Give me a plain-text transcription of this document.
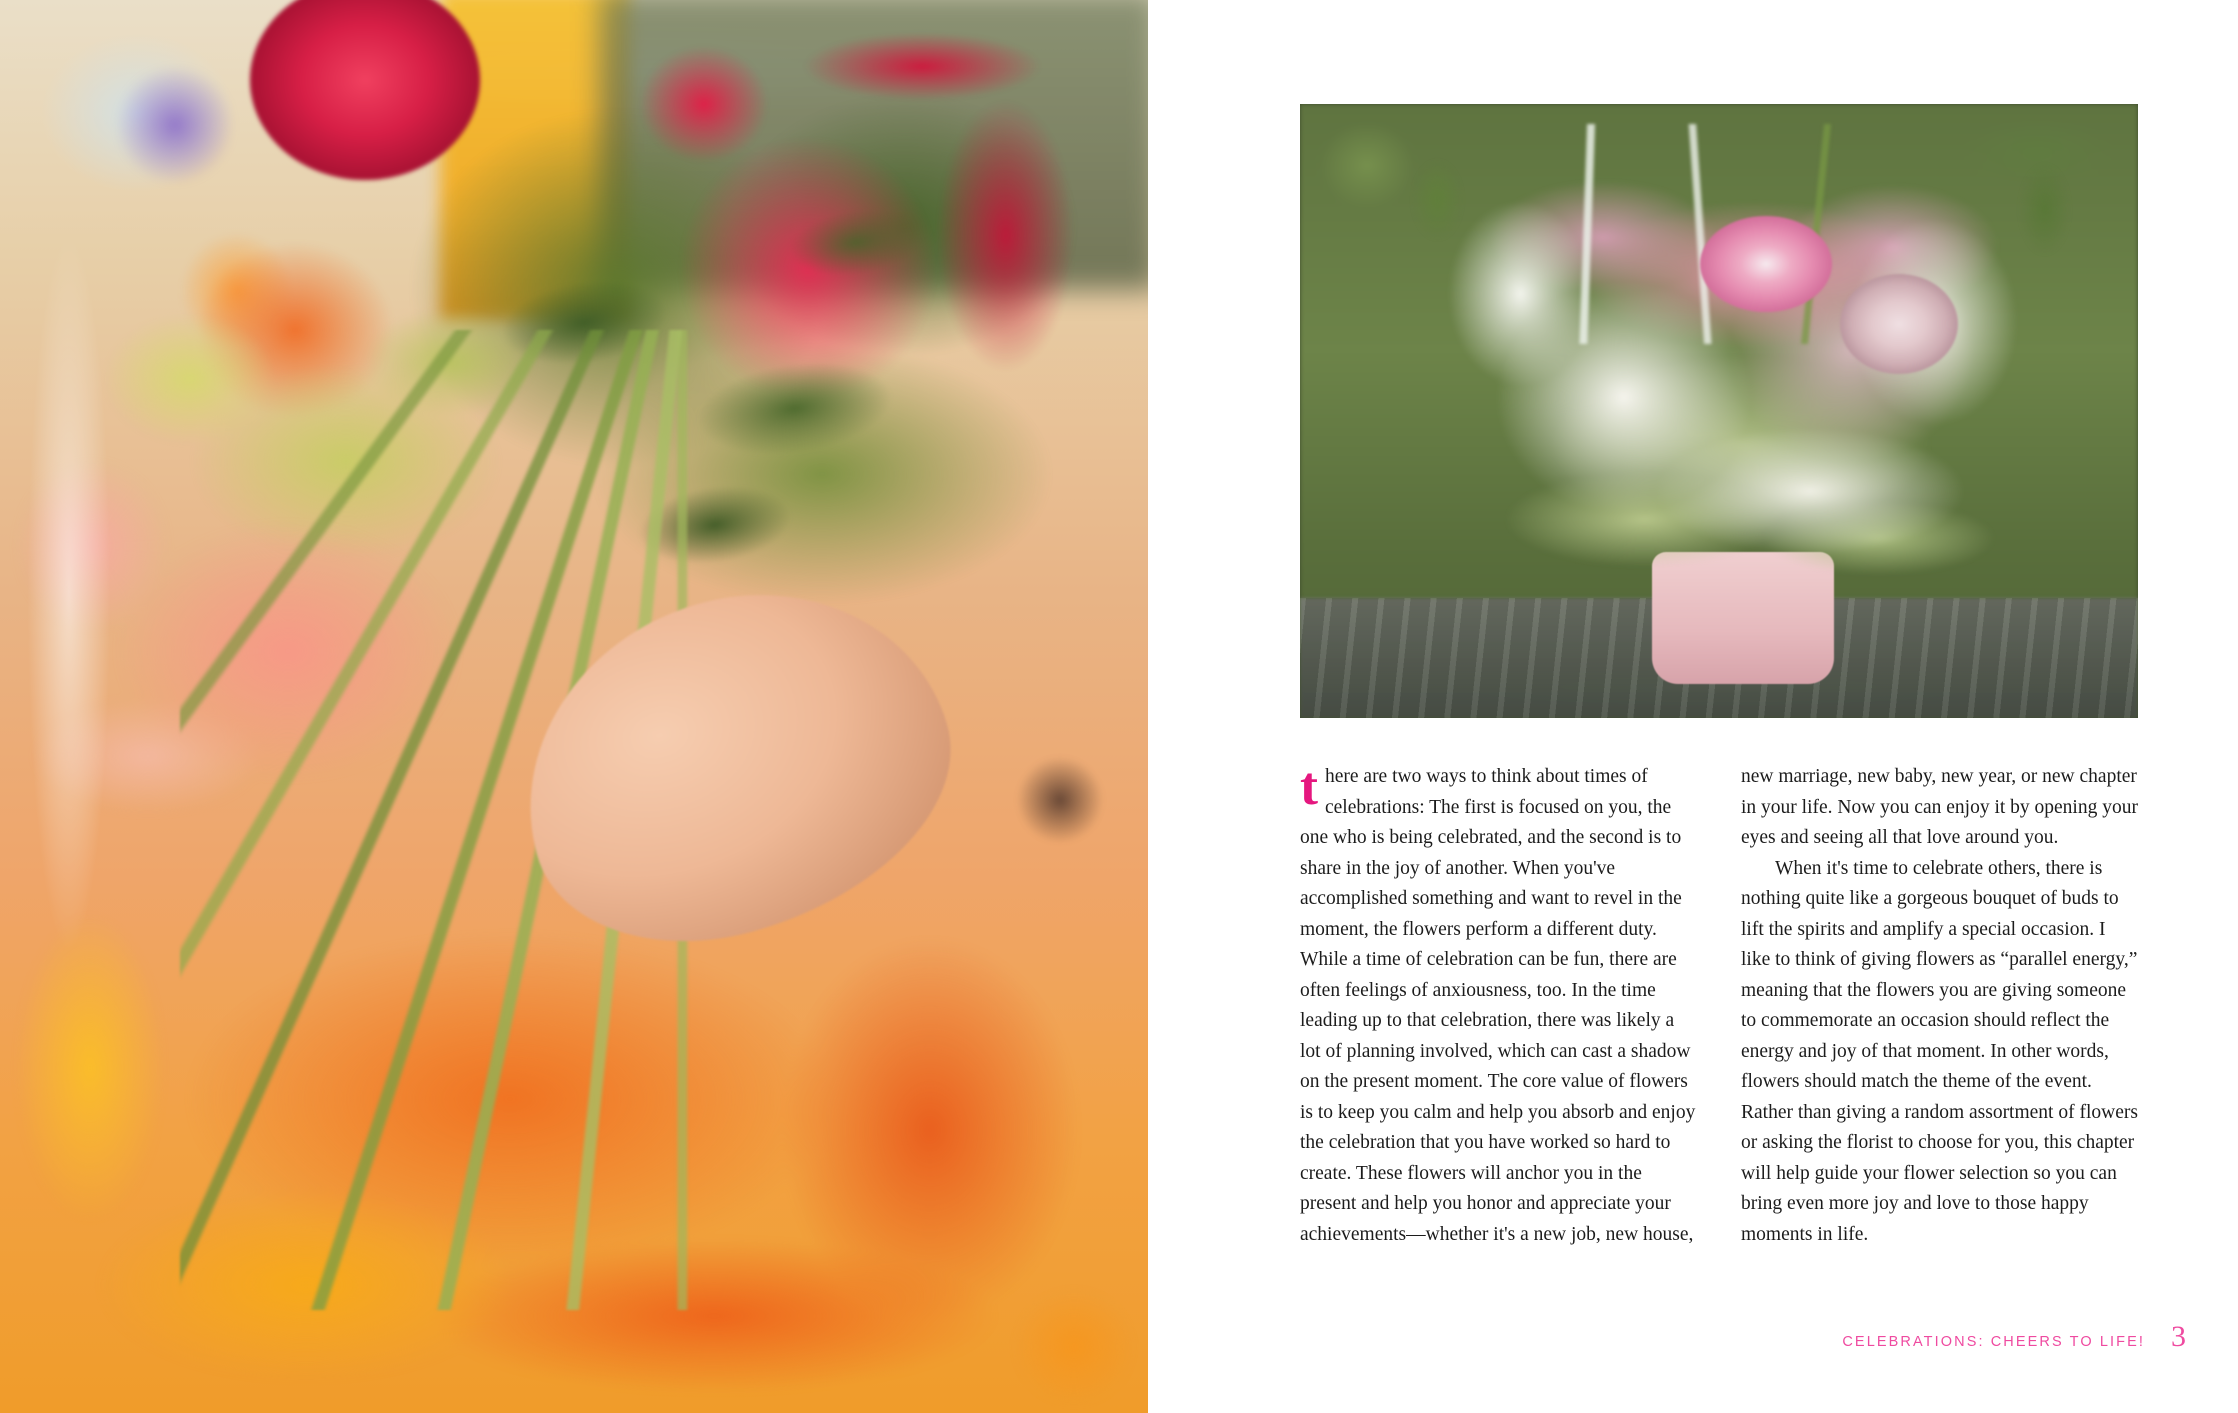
there are two ways to think about times of celebrations: The first is focused on you, the one who is being celebrated, and the second is to share in the joy of another. When you've accomplished something and want to revel in the moment, the flowers perform a different duty. While a time of celebration can be fun, there are often feelings of anxiousness, too. In the time leading up to that celebration, there was likely a lot of planning involved, which can cast a shadow on the present moment. The core value of flowers is to keep you calm and help you absorb and enjoy the celebration that you have worked so hard to create. These flowers will anchor you in the present and help you honor and appreciate your achievements—whether it's a new job, new house,

new marriage, new baby, new year, or new chapter in your life. Now you can enjoy it by opening your eyes and seeing all that love around you.

When it's time to celebrate others, there is nothing quite like a gorgeous bouquet of buds to lift the spirits and amplify a special occasion. I like to think of giving flowers as “parallel energy,” meaning that the flowers you are giving someone to commemorate an occasion should reflect the energy and joy of that moment. In other words, flowers should match the theme of the event. Rather than giving a random assortment of flowers or asking the florist to choose for you, this chapter will help guide your flower selection so you can bring even more joy and love to those happy moments in life.

CELEBRATIONS: CHEERS TO LIFE! 3
